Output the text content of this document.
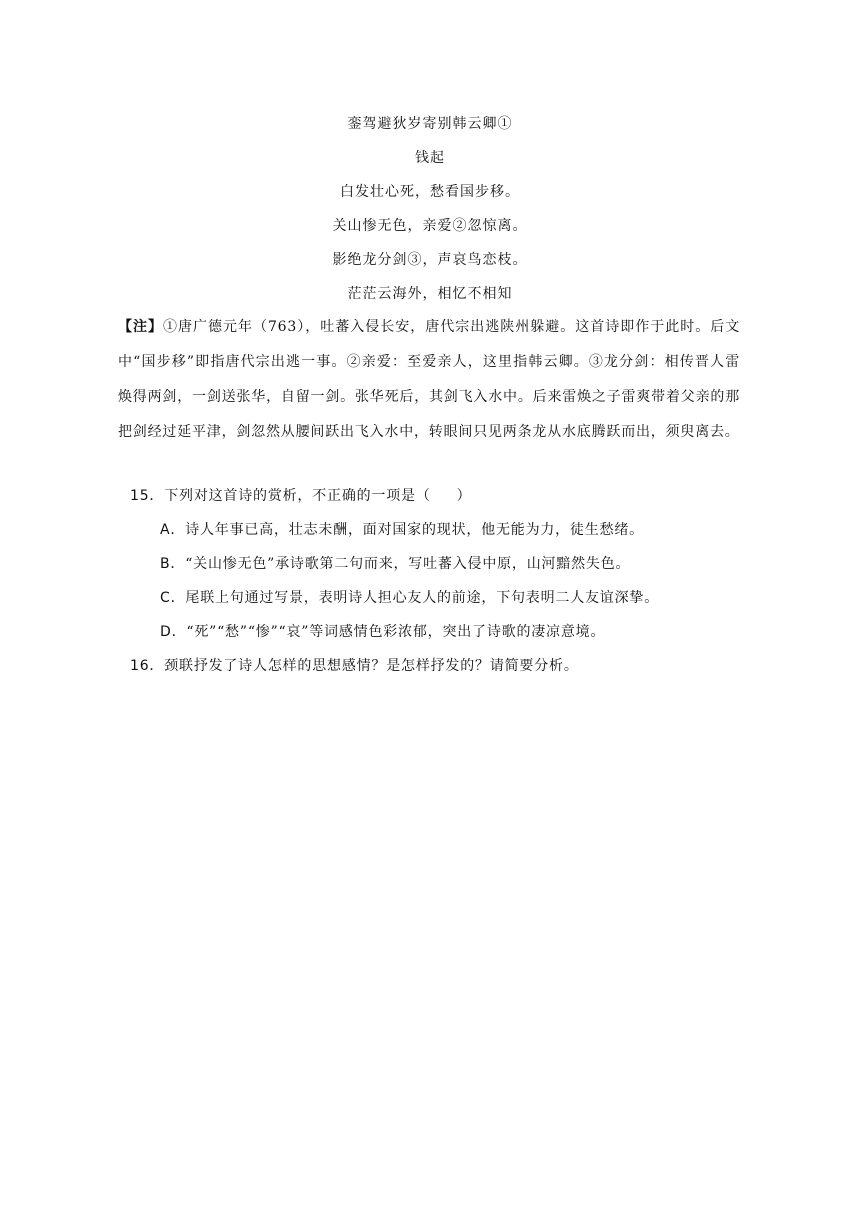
銮驾避狄岁寄别韩云卿①
钱起
白发壮心死，愁看国步移。
关山惨无色，亲爱②忽惊离。
影绝龙分剑③，声哀鸟恋枝。
茫茫云海外，相忆不相知

【注】①唐广德元年（763），吐蕃入侵长安，唐代宗出逃陕州躲避。这首诗即作于此时。后文中“国步移”即指唐代宗出逃一事。②亲爱：至爱亲人，这里指韩云卿。③龙分剑：相传晋人雷焕得两剑，一剑送张华，自留一剑。张华死后，其剑飞入水中。后来雷焕之子雷爽带着父亲的那把剑经过延平津，剑忽然从腰间跃出飞入水中，转眼间只见两条龙从水底腾跃而出，须臾离去。

15．下列对这首诗的赏析，不正确的一项是（ ）
A．诗人年事已高，壮志未酬，面对国家的现状，他无能为力，徒生愁绪。
B．“关山惨无色”承诗歌第二句而来，写吐蕃入侵中原，山河黯然失色。
C．尾联上句通过写景，表明诗人担心友人的前途，下句表明二人友谊深挚。
D．“死”“愁”“惨”“哀”等词感情色彩浓郁，突出了诗歌的凄凉意境。
16．颈联抒发了诗人怎样的思想感情？是怎样抒发的？请简要分析。
